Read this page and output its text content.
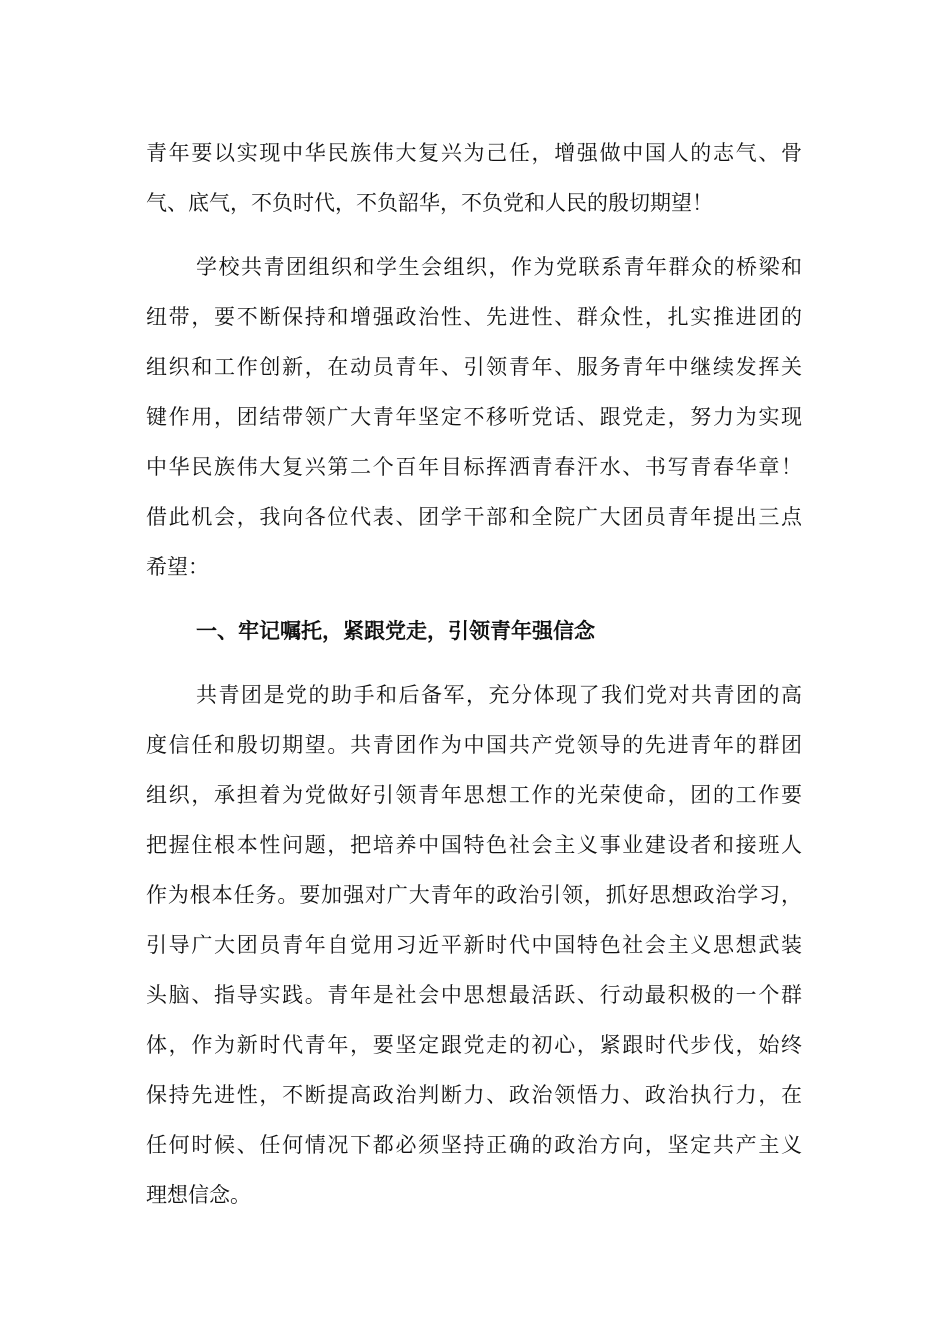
青年要以实现中华民族伟大复兴为己任，增强做中国人的志气、骨
气、底气，不负时代，不负韶华，不负党和人民的殷切期望！
学校共青团组织和学生会组织，作为党联系青年群众的桥梁和
纽带，要不断保持和增强政治性、先进性、群众性，扎实推进团的
组织和工作创新，在动员青年、引领青年、服务青年中继续发挥关
键作用，团结带领广大青年坚定不移听党话、跟党走，努力为实现
中华民族伟大复兴第二个百年目标挥洒青春汗水、书写青春华章！
借此机会，我向各位代表、团学干部和全院广大团员青年提出三点
希望：
一、牢记嘱托，紧跟党走，引领青年强信念
共青团是党的助手和后备军，充分体现了我们党对共青团的高
度信任和殷切期望。共青团作为中国共产党领导的先进青年的群团
组织，承担着为党做好引领青年思想工作的光荣使命，团的工作要
把握住根本性问题，把培养中国特色社会主义事业建设者和接班人
作为根本任务。要加强对广大青年的政治引领，抓好思想政治学习，
引导广大团员青年自觉用习近平新时代中国特色社会主义思想武装
头脑、指导实践。青年是社会中思想最活跃、行动最积极的一个群
体，作为新时代青年，要坚定跟党走的初心，紧跟时代步伐，始终
保持先进性，不断提高政治判断力、政治领悟力、政治执行力，在
任何时候、任何情况下都必须坚持正确的政治方向，坚定共产主义
理想信念。
